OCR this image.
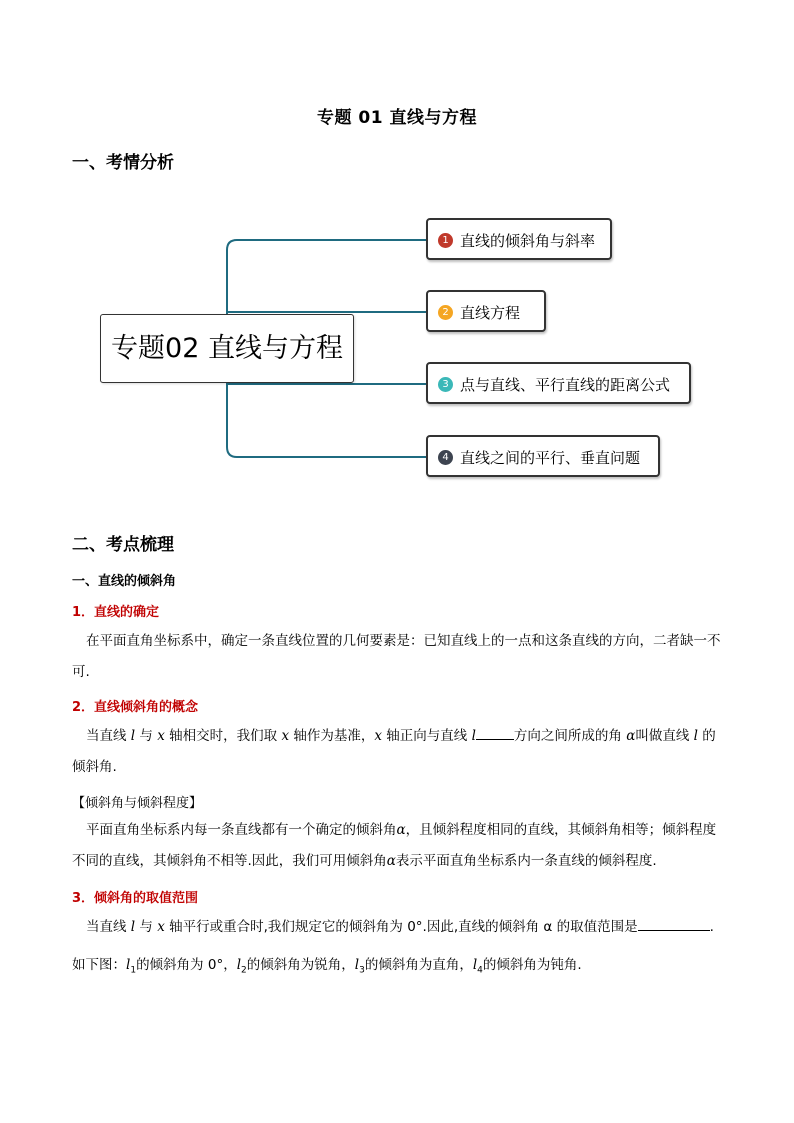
专题 01 直线与方程
一、考情分析
专题02 直线与方程
1 直线的倾斜角与斜率
2 直线方程
3 点与直线、平行直线的距离公式
4 直线之间的平行、垂直问题
二、考点梳理
一、直线的倾斜角
1．直线的确定
在平面直角坐标系中，确定一条直线位置的几何要素是：已知直线上的一点和这条直线的方向，二者缺一不可.
2．直线倾斜角的概念
当直线 l 与 x 轴相交时，我们取 x 轴作为基准，x 轴正向与直线 l	方向之间所成的角 α叫做直线 l 的倾斜角.
【倾斜角与倾斜程度】
平面直角坐标系内每一条直线都有一个确定的倾斜角α，且倾斜程度相同的直线，其倾斜角相等；倾斜程度不同的直线，其倾斜角不相等.因此，我们可用倾斜角α表示平面直角坐标系内一条直线的倾斜程度.
3．倾斜角的取值范围
当直线 l 与 x 轴平行或重合时,我们规定它的倾斜角为 0°.因此,直线的倾斜角 α 的取值范围是	.
如下图：$l_1$的倾斜角为 0°，$l_2$的倾斜角为锐角，$l_3$的倾斜角为直角，$l_4$的倾斜角为钝角.
